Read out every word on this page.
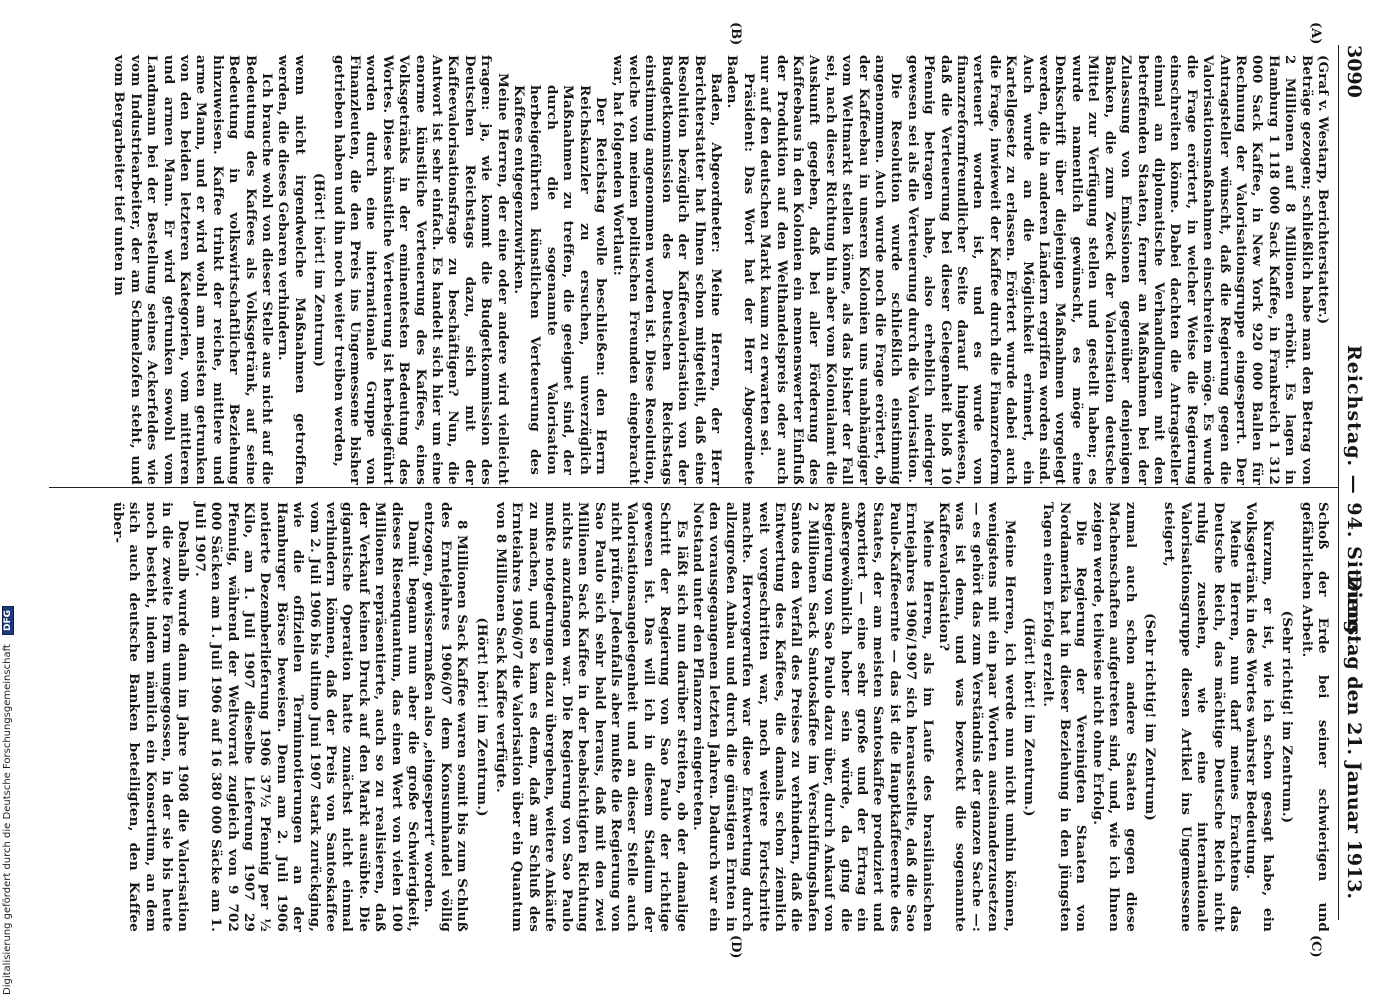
3090
Reichstag. — 94. Sitzung.
Dienstag den 21. Januar 1913.
(A)
(B)
(C)
(D)

(Graf v. Westarp, Berichterstatter.)

Beträge gezogen; schließlich habe man den Betrag von 2 Millionen auf 8 Millionen erhöht. Es lagen in Hamburg 1 118 000 Sack Kaffee, in Frankreich 1 312 000 Sack Kaffee, in New York 920 000 Ballen für Rechnung der Valorisationsgruppe eingesperrt. Der Antragsteller wünscht, daß die Regierung gegen die Valorisationsmaßnahmen einschreiten möge. Es wurde die Frage erörtert, in welcher Weise die Regierung einschreiten könne. Dabei dachten die Antragsteller einmal an diplomatische Verhandlungen mit den betreffenden Staaten, ferner an Maßnahmen bei der Zulassung von Emissionen gegenüber denjenigen Banken, die zum Zweck der Valorisation deutsche Mittel zur Verfügung stellen und gestellt haben; es wurde namentlich gewünscht, es möge eine Denkschrift über diejenigen Maßnahmen vorgelegt werden, die in anderen Ländern ergriffen worden sind. Auch wurde an die Möglichkeit erinnert, ein Kartellgesetz zu erlassen. Erörtert wurde dabei auch die Frage, inwieweit der Kaffee durch die Finanzreform verteuert worden ist, und es wurde von finanzreformfreundlicher Seite darauf hingewiesen, daß die Verteuerung bei dieser Gelegenheit bloß 10 Pfennig betragen habe, also erheblich niedriger gewesen sei als die Verteuerung durch die Valorisation.

Die Resolution wurde schließlich einstimmig angenommen. Auch wurde noch die Frage erörtert, ob der Kaffeebau in unseren Kolonien uns unabhängiger vom Weltmarkt stellen könne, als das bisher der Fall sei, nach dieser Richtung hin aber vom Kolonialamt die Auskunft gegeben, daß bei aller Förderung des Kaffeebaus in den Kolonien ein nennenswerter Einfluß der Produktion auf den Welthandelspreis oder auch nur auf den deutschen Markt kaum zu erwarten sei.

Präsident: Das Wort hat der Herr Abgeordnete Baden.

Baden, Abgeordneter: Meine Herren, der Herr Berichterstatter hat Ihnen schon mitgeteilt, daß eine Resolution bezüglich der Kaffeevalorisation von der Budgetkommission des Deutschen Reichstags einstimmig angenommen worden ist. Diese Resolution, welche von meinen politischen Freunden eingebracht war, hat folgenden Wortlaut:

Der Reichstag wolle beschließen: den Herrn Reichskanzler zu ersuchen, unverzüglich Maßnahmen zu treffen, die geeignet sind, der durch die sogenannte Valorisation herbeigeführten künstlichen Verteuerung des Kaffees entgegenzuwirken.

Meine Herren, der eine oder andere wird vielleicht fragen: ja, wie kommt die Budgetkommission des Deutschen Reichstags dazu, sich mit der Kaffeevalorisationsfrage zu beschäftigen? Nun, die Antwort ist sehr einfach. Es handelt sich hier um eine enorme künstliche Verteuerung des Kaffees, eines Volksgetränks in der eminentesten Bedeutung des Wortes. Diese künstliche Verteuerung ist herbeigeführt worden durch eine internationale Gruppe von Finanzleuten, die den Preis ins Ungemessene bisher getrieben haben und ihn noch weiter treiben werden,

(Hört! hört! im Zentrum)

wenn nicht irgendwelche Maßnahmen getroffen werden, die dieses Gebaren verhindern.

Ich brauche wohl von dieser Stelle aus nicht auf die Bedeutung des Kaffees als Volksgetränk, auf seine Bedeutung in volkswirtschaftlicher Beziehung hinzuweisen. Kaffee trinkt der reiche, mittlere und arme Mann, und er wird wohl am meisten getrunken von den beiden letzteren Kategorien, vom mittleren und armen Mann. Er wird getrunken sowohl vom Landmann bei der Bestellung seines Ackerfeldes wie vom Industriearbeiter, der am Schmelzofen steht, und vom Bergarbeiter tief unten im

Schoß der Erde bei seiner schwierigen und gefährlichen Arbeit.

(Sehr richtig! im Zentrum.)

Kurzum, er ist, wie ich schon gesagt habe, ein Volksgetränk in des Wortes wahrster Bedeutung.

Meine Herren, nun darf meines Erachtens das Deutsche Reich, das mächtige Deutsche Reich nicht ruhig zusehen, wie eine internationale Valorisationsgruppe diesen Artikel ins Ungemessene steigert,

(Sehr richtig! im Zentrum)

zumal auch schon andere Staaten gegen diese Machenschaften aufgetreten sind, und, wie ich Ihnen zeigen werde, teilweise nicht ohne Erfolg.

Die Regierung der Vereinigten Staaten von Nordamerika hat in dieser Beziehung in den jüngsten Tagen einen Erfolg erzielt.

(Hört! hört! im Zentrum.)

Meine Herren, ich werde nun nicht umhin können, wenigstens mit ein paar Worten auseinanderzusetzen — es gehört das zum Verständnis der ganzen Sache —: was ist denn, und was bezweckt die sogenannte Kaffeevalorisation?

Meine Herren, als im Laufe des brasilianischen Erntejahres 1906/1907 sich herausstellte, daß die Sao Paulo-Kaffeeernte — das ist die Hauptkaffeeernte des Staates, der am meisten Santoskaffee produziert und exportiert — eine sehr große und der Ertrag ein außergewöhnlich hoher sein würde, da ging die Regierung von Sao Paulo dazu über, durch Ankauf von 2 Millionen Sack Santoskaffee im Verschiffungshafen Santos den Verfall des Preises zu verhindern, daß die Entwertung des Kaffees, die damals schon ziemlich weit vorgeschritten war, noch weitere Fortschritte machte. Hervorgerufen war diese Entwertung durch allzugroßen Anbau und durch die günstigen Ernten in den vorausgegangenen letzten Jahren. Dadurch war ein Notstand unter den Pflanzern eingetreten.

Es läßt sich nun darüber streiten, ob der damalige Schritt der Regierung von Sao Paulo der richtige gewesen ist. Das will ich in diesem Stadium der Valorisationsangelegenheit und an dieser Stelle auch nicht prüfen. Jedenfalls aber mußte die Regierung von Sao Paulo sich sehr bald heraus, daß mit den zwei Millionen Sack Kaffee in der beabsichtigten Richtung nichts anzufangen war. Die Regierung von Sao Paulo mußte notgedrungen dazu übergehen, weitere Ankäufe zu machen, und so kam es denn, daß am Schluß des Ernteiahres 1906/07 die Valorisation über ein Quantum von 8 Millionen Sack Kaffee verfügte.

(Hört! hört! im Zentrum.)

8 Millionen Sack Kaffee waren somit bis zum Schluß des Erntejahres 1906/07 dem Konsumhandel völlig entzogen, gewissermaßen also „eingesperrt“ worden.

Damit begann nun aber die große Schwierigkeit, dieses Riesenquantum, das einen Wert von vielen 100 Millionen repräsentierte, auch so zu realisieren, daß der Verkauf keinen Druck auf den Markt ausübte. Die gigantische Operation hatte zunächst nicht einmal verhindern können, daß der Preis von Santoskaffee vom 2. Juli 1906 bis ultimo Juni 1907 stark zurückging, wie die offiziellen Terminnotierungen an der Hamburger Börse beweisen. Denn am 2. Juli 1906 notierte Dezemberlieferung 1906 37½ Pfennig per ½ Kilo, am 1. Juli 1907 dieselbe Lieferung 1907 29 Pfennig, während der Weltvorrat zugleich von 9 702 000 Säcken am 1. Juli 1906 auf 16 380 000 Säcke am 1. Juli 1907.

Deshalb wurde dann im Jahre 1908 die Valorisation in die zweite Form umgegossen, in der sie bis heute noch besteht, indem nämlich ein Konsortium, an dem sich auch deutsche Banken beteiligten, den Kaffee über-

Digitalisierung gefördert durch die Deutsche Forschungsgemeinschaft DFG
